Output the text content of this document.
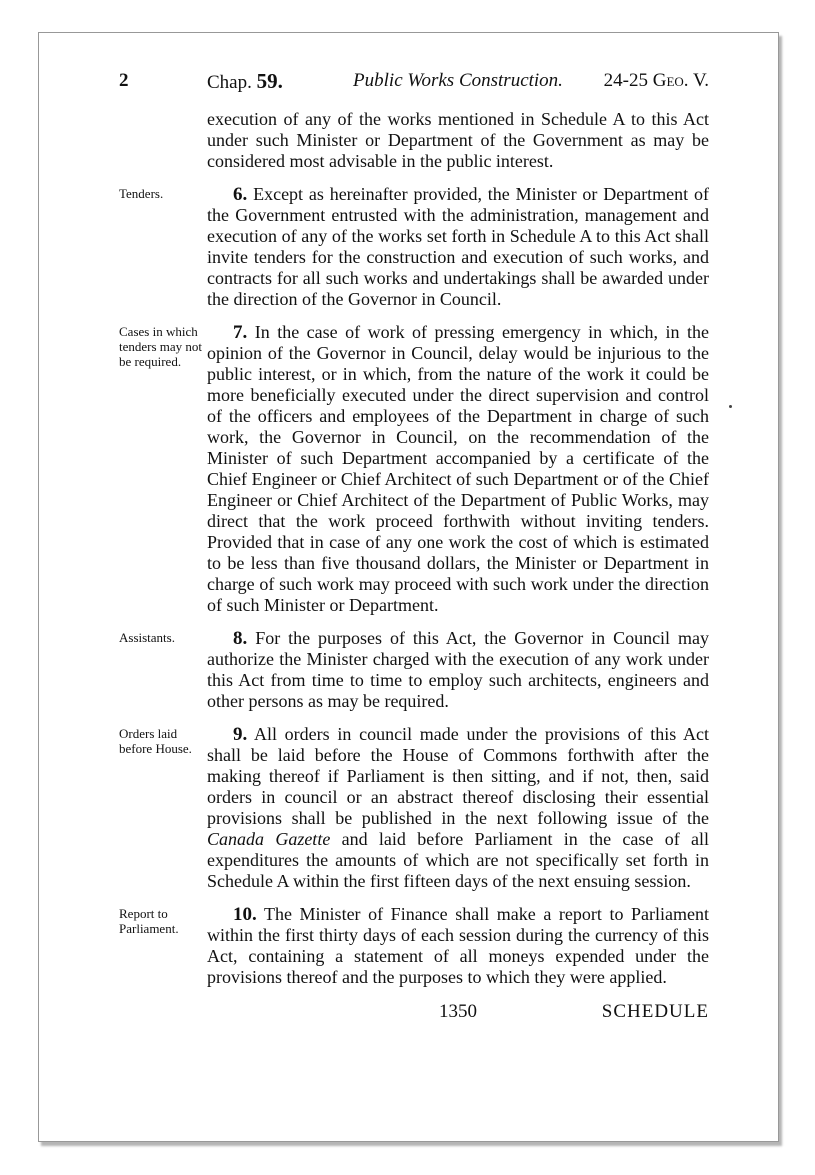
2	Chap. 59.	Public Works Construction.	24-25 Geo. V.

execution of any of the works mentioned in Schedule A to this Act under such Minister or Department of the Government as may be considered most advisable in the public interest.

Tenders.	6. Except as hereinafter provided, the Minister or Department of the Government entrusted with the administration, management and execution of any of the works set forth in Schedule A to this Act shall invite tenders for the construction and execution of such works, and contracts for all such works and undertakings shall be awarded under the direction of the Governor in Council.

Cases in which tenders may not be required.
7. In the case of work of pressing emergency in which, in the opinion of the Governor in Council, delay would be injurious to the public interest, or in which, from the nature of the work it could be more beneficially executed under the direct supervision and control of the officers and employees of the Department in charge of such work, the Governor in Council, on the recommendation of the Minister of such Department accompanied by a certificate of the Chief Engineer or Chief Architect of such Department or of the Chief Engineer or Chief Architect of the Department of Public Works, may direct that the work proceed forthwith without inviting tenders. Provided that in case of any one work the cost of which is estimated to be less than five thousand dollars, the Minister or Department in charge of such work may proceed with such work under the direction of such Minister or Department.

Assistants.	8. For the purposes of this Act, the Governor in Council may authorize the Minister charged with the execution of any work under this Act from time to time to employ such architects, engineers and other persons as may be required.

Orders laid before House.
9. All orders in council made under the provisions of this Act shall be laid before the House of Commons forthwith after the making thereof if Parliament is then sitting, and if not, then, said orders in council or an abstract thereof disclosing their essential provisions shall be published in the next following issue of the Canada Gazette and laid before Parliament in the case of all expenditures the amounts of which are not specifically set forth in Schedule A within the first fifteen days of the next ensuing session.

Report to Parliament.
10. The Minister of Finance shall make a report to Parliament within the first thirty days of each session during the currency of this Act, containing a statement of all moneys expended under the provisions thereof and the purposes to which they were applied.

1350	SCHEDULE
